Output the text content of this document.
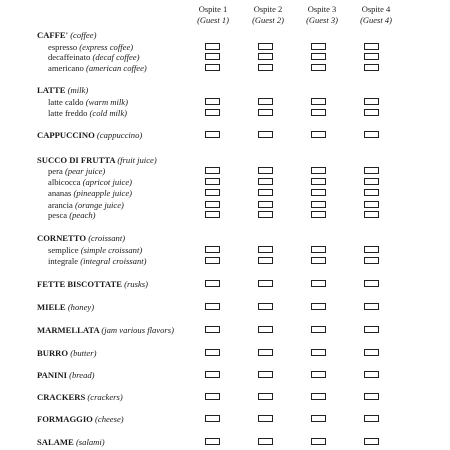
Ospite 1
(Guest 1)
Ospite 2
(Guest 2)
Ospite 3
(Guest 3)
Ospite 4
(Guest 4)
CAFFE' (coffee)
espresso (express coffee)
decaffeinato (decaf coffee)
americano (american coffee)
LATTE (milk)
latte caldo (warm milk)
latte freddo (cold milk)
CAPPUCCINO (cappuccino)
SUCCO DI FRUTTA (fruit juice)
pera (pear juice)
albicocca (apricot juice)
ananas (pineapple juice)
arancia (orange juice)
pesca (peach)
CORNETTO (croissant)
semplice (simple croissant)
integrale (integral croissant)
FETTE BISCOTTATE (rusks)
MIELE (honey)
MARMELLATA (jam various flavors)
BURRO (butter)
PANINI (bread)
CRACKERS (crackers)
FORMAGGIO (cheese)
SALAME (salami)
